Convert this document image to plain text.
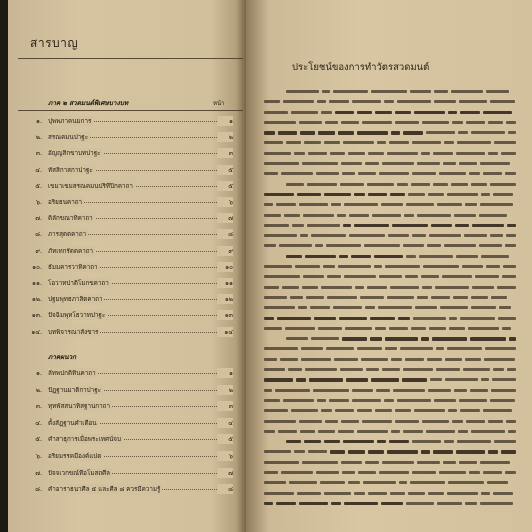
สารบาญ
หน้า
ภาค ๒ สวดมนต์พิเศษบางบท
๑. ปุพพภาคนมการ	๑
๒. สรณคมนปาฐะ	๒
๓. อัญญสิกขาบทปาฐะ	๓
๔. ทัสสิกาสกาปาฐะ	๕
๕. เขมาเขมสรณคมนปริทีปิกคาถา	๕
๖. อริยธนคาถา	๖
๗. ติลักขณาทิคาถา	๗
๘. ภารสุตตคาถา	๘
๙. ภัทเทกรัตตคาถา	๙
๑๐. ธัมมคารวาทิคาถา	๑๐
๑๑. โอวาทปาติโมกขคาถา	๑๑
๑๒. ปฐมพุทธภาสิตคาถา	๑๒
๑๓. ปัจฉิมพุทโธวาทปาฐะ	๑๓
๑๔. บทพิจารณาสังขาร	๑๔
ภาคผนวก
๑. ลัทพปกติทินคาถา	๑
๒. ปัฏฐานมาติกาปาฐะ	๒
๓. ทุทพัสสนาทิสฐานกาถา	๓
๔. ตั้งสัฏฐานคำเตือน	๔
๕. คำสาธุการเมื่อพระเทศน์จบ	๕
๖. อริยมรรคมีองค์แปด	๖
๗. ปัจจเวกขณ์ทีอโมสถศีล	๗
๘. คำอาราธนาศีล ๕ และศีล ๘ ควรมีความรู้	๘
ประโยชน์ของการทำวัตรสวดมนต์
